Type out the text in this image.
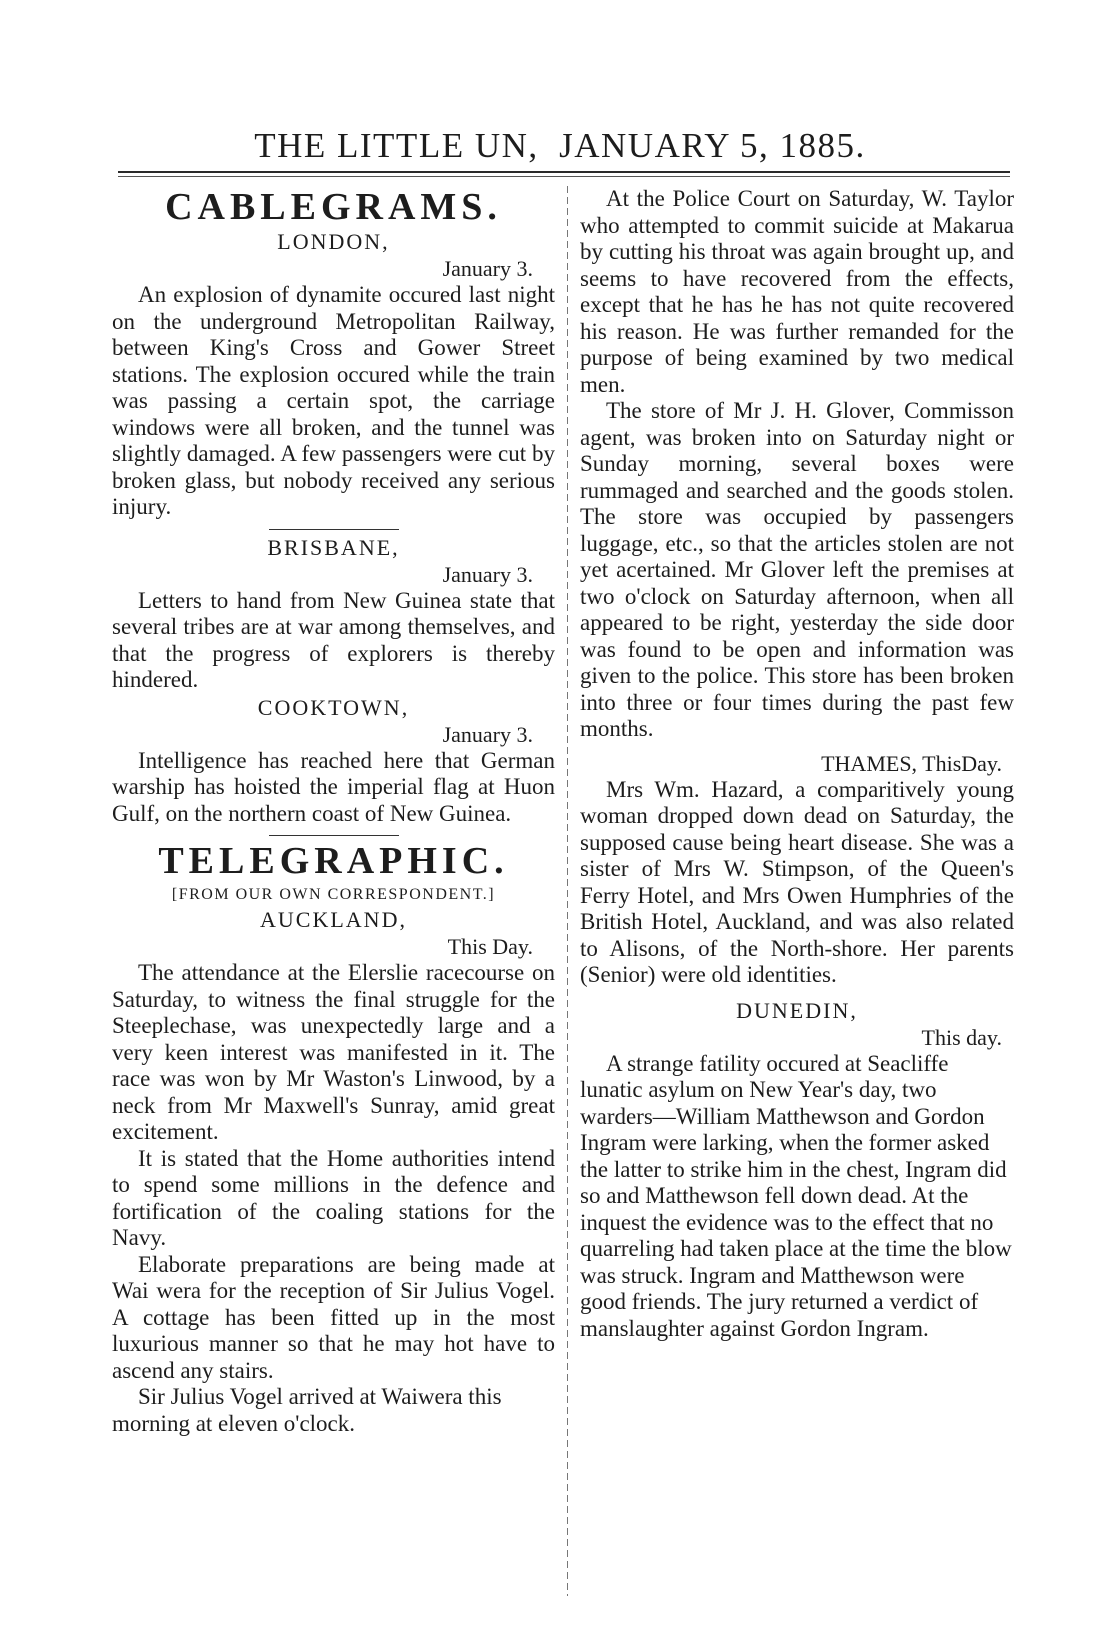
THE LITTLE UN, JANUARY 5, 1885.
CABLEGRAMS.
LONDON,
January 3.

An explosion of dynamite occured last night on the underground Metropolitan Railway, between King's Cross and Gower Street stations. The explosion occured while the train was passing a certain spot, the carriage windows were all broken, and the tunnel was slightly damaged. A few passengers were cut by broken glass, but nobody received any serious injury.

BRISBANE,
January 3.

Letters to hand from New Guinea state that several tribes are at war among themselves, and that the progress of explorers is thereby hindered.

COOKTOWN,
January 3.

Intelligence has reached here that German warship has hoisted the imperial flag at Huon Gulf, on the northern coast of New Guinea.

TELEGRAPHIC.
[FROM OUR OWN CORRESPONDENT.]
AUCKLAND,
This Day.

The attendance at the Elerslie racecourse on Saturday, to witness the final struggle for the Steeplechase, was unexpectedly large and a very keen interest was manifested in it. The race was won by Mr Waston's Linwood, by a neck from Mr Maxwell's Sunray, amid great excitement.

It is stated that the Home authorities intend to spend some millions in the defence and fortification of the coaling stations for the Navy.

Elaborate preparations are being made at Wai wera for the reception of Sir Julius Vogel. A cottage has been fitted up in the most luxurious manner so that he may hot have to ascend any stairs.

Sir Julius Vogel arrived at Waiwera this morning at eleven o'clock.

At the Police Court on Saturday, W. Taylor who attempted to commit suicide at Makarua by cutting his throat was again brought up, and seems to have recovered from the effects, except that he has he has not quite recovered his reason. He was further remanded for the purpose of being examined by two medical men.

The store of Mr J. H. Glover, Commisson agent, was broken into on Saturday night or Sunday morning, several boxes were rummaged and searched and the goods stolen. The store was occupied by passengers luggage, etc., so that the articles stolen are not yet acertained. Mr Glover left the premises at two o'clock on Saturday afternoon, when all appeared to be right, yesterday the side door was found to be open and information was given to the police. This store has been broken into three or four times during the past few months.

THAMES, ThisDay.

Mrs Wm. Hazard, a comparitively young woman dropped down dead on Saturday, the supposed cause being heart disease. She was a sister of Mrs W. Stimpson, of the Queen's Ferry Hotel, and Mrs Owen Humphries of the British Hotel, Auckland, and was also related to Alisons, of the North-shore. Her parents (Senior) were old identities.

DUNEDIN,
This day.

A strange fatility occured at Seacliffe lunatic asylum on New Year's day, two warders—William Matthewson and Gordon Ingram were larking, when the former asked the latter to strike him in the chest, Ingram did so and Matthewson fell down dead. At the inquest the evidence was to the effect that no quarreling had taken place at the time the blow was struck. Ingram and Matthewson were good friends. The jury returned a verdict of manslaughter against Gordon Ingram.
